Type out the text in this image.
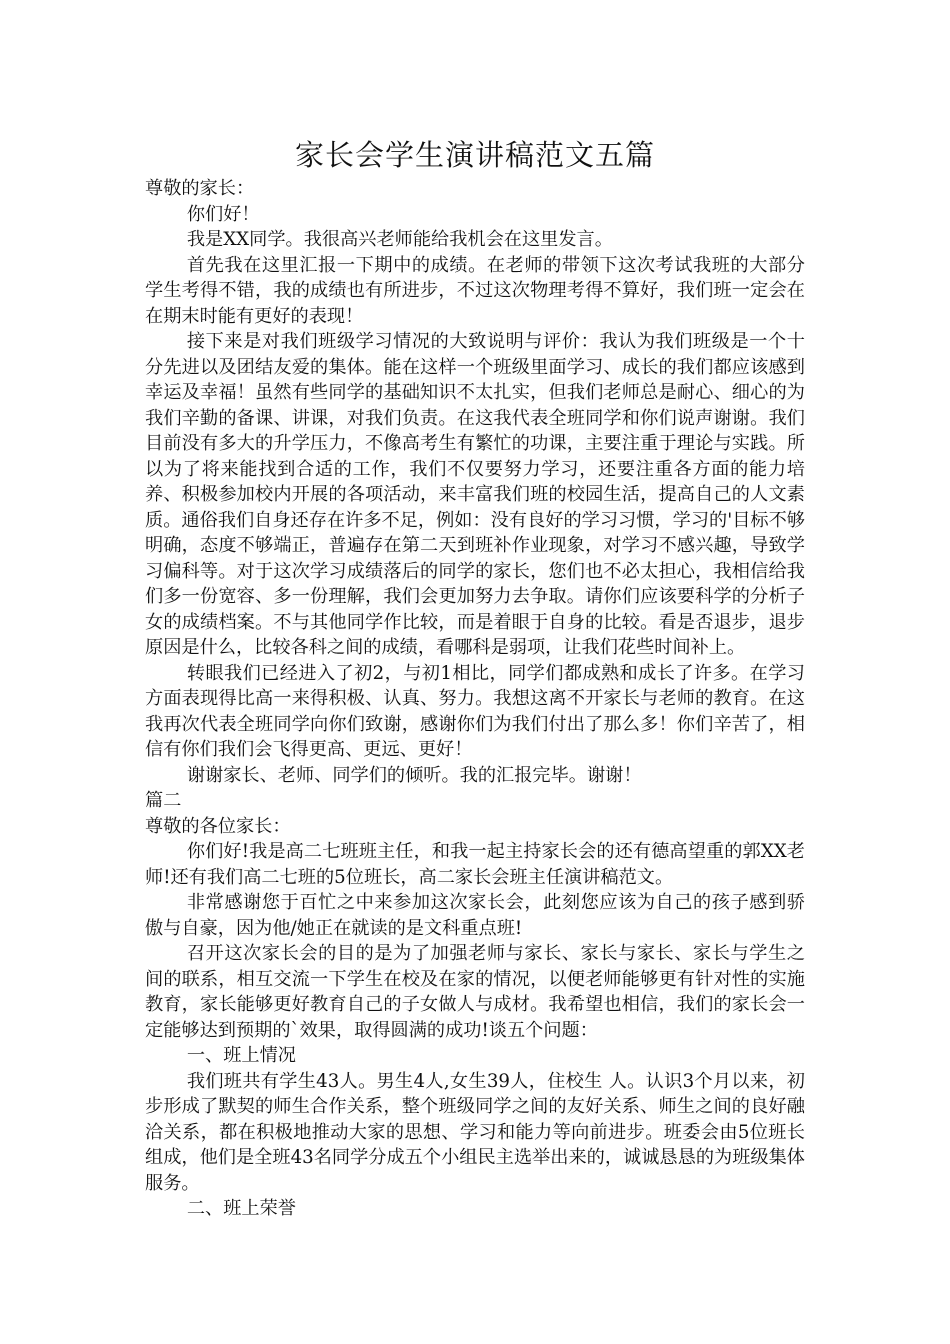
家长会学生演讲稿范文五篇

尊敬的家长：

你们好！

我是XX同学。我很高兴老师能给我机会在这里发言。

首先我在这里汇报一下期中的成绩。在老师的带领下这次考试我班的大部分学生考得不错，我的成绩也有所进步，不过这次物理考得不算好，我们班一定会在在期末时能有更好的表现！

接下来是对我们班级学习情况的大致说明与评价：我认为我们班级是一个十分先进以及团结友爱的集体。能在这样一个班级里面学习、成长的我们都应该感到幸运及幸福！虽然有些同学的基础知识不太扎实，但我们老师总是耐心、细心的为我们辛勤的备课、讲课，对我们负责。在这我代表全班同学和你们说声谢谢。我们目前没有多大的升学压力，不像高考生有繁忙的功课，主要注重于理论与实践。所以为了将来能找到合适的工作，我们不仅要努力学习，还要注重各方面的能力培养、积极参加校内开展的各项活动，来丰富我们班的校园生活，提高自己的人文素质。通俗我们自身还存在许多不足，例如：没有良好的学习习惯，学习的'目标不够明确，态度不够端正，普遍存在第二天到班补作业现象，对学习不感兴趣，导致学习偏科等。对于这次学习成绩落后的同学的家长，您们也不必太担心，我相信给我们多一份宽容、多一份理解，我们会更加努力去争取。请你们应该要科学的分析子女的成绩档案。不与其他同学作比较，而是着眼于自身的比较。看是否退步，退步原因是什么，比较各科之间的成绩，看哪科是弱项，让我们花些时间补上。

转眼我们已经进入了初2，与初1相比，同学们都成熟和成长了许多。在学习方面表现得比高一来得积极、认真、努力。我想这离不开家长与老师的教育。在这我再次代表全班同学向你们致谢，感谢你们为我们付出了那么多！你们辛苦了，相信有你们我们会飞得更高、更远、更好！

谢谢家长、老师、同学们的倾听。我的汇报完毕。谢谢！

篇二

尊敬的各位家长：

你们好!我是高二七班班主任，和我一起主持家长会的还有德高望重的郭XX老师!还有我们高二七班的5位班长，高二家长会班主任演讲稿范文。

非常感谢您于百忙之中来参加这次家长会，此刻您应该为自己的孩子感到骄傲与自豪，因为他/她正在就读的是文科重点班!

召开这次家长会的目的是为了加强老师与家长、家长与家长、家长与学生之间的联系，相互交流一下学生在校及在家的情况，以便老师能够更有针对性的实施教育，家长能够更好教育自己的子女做人与成材。我希望也相信，我们的家长会一定能够达到预期的`效果，取得圆满的成功!谈五个问题：

一、班上情况

我们班共有学生43人。男生4人,女生39人，住校生 人。认识3个月以来，初步形成了默契的师生合作关系，整个班级同学之间的友好关系、师生之间的良好融洽关系，都在积极地推动大家的思想、学习和能力等向前进步。班委会由5位班长组成，他们是全班43名同学分成五个小组民主选举出来的，诚诚恳恳的为班级集体服务。

二、班上荣誉
